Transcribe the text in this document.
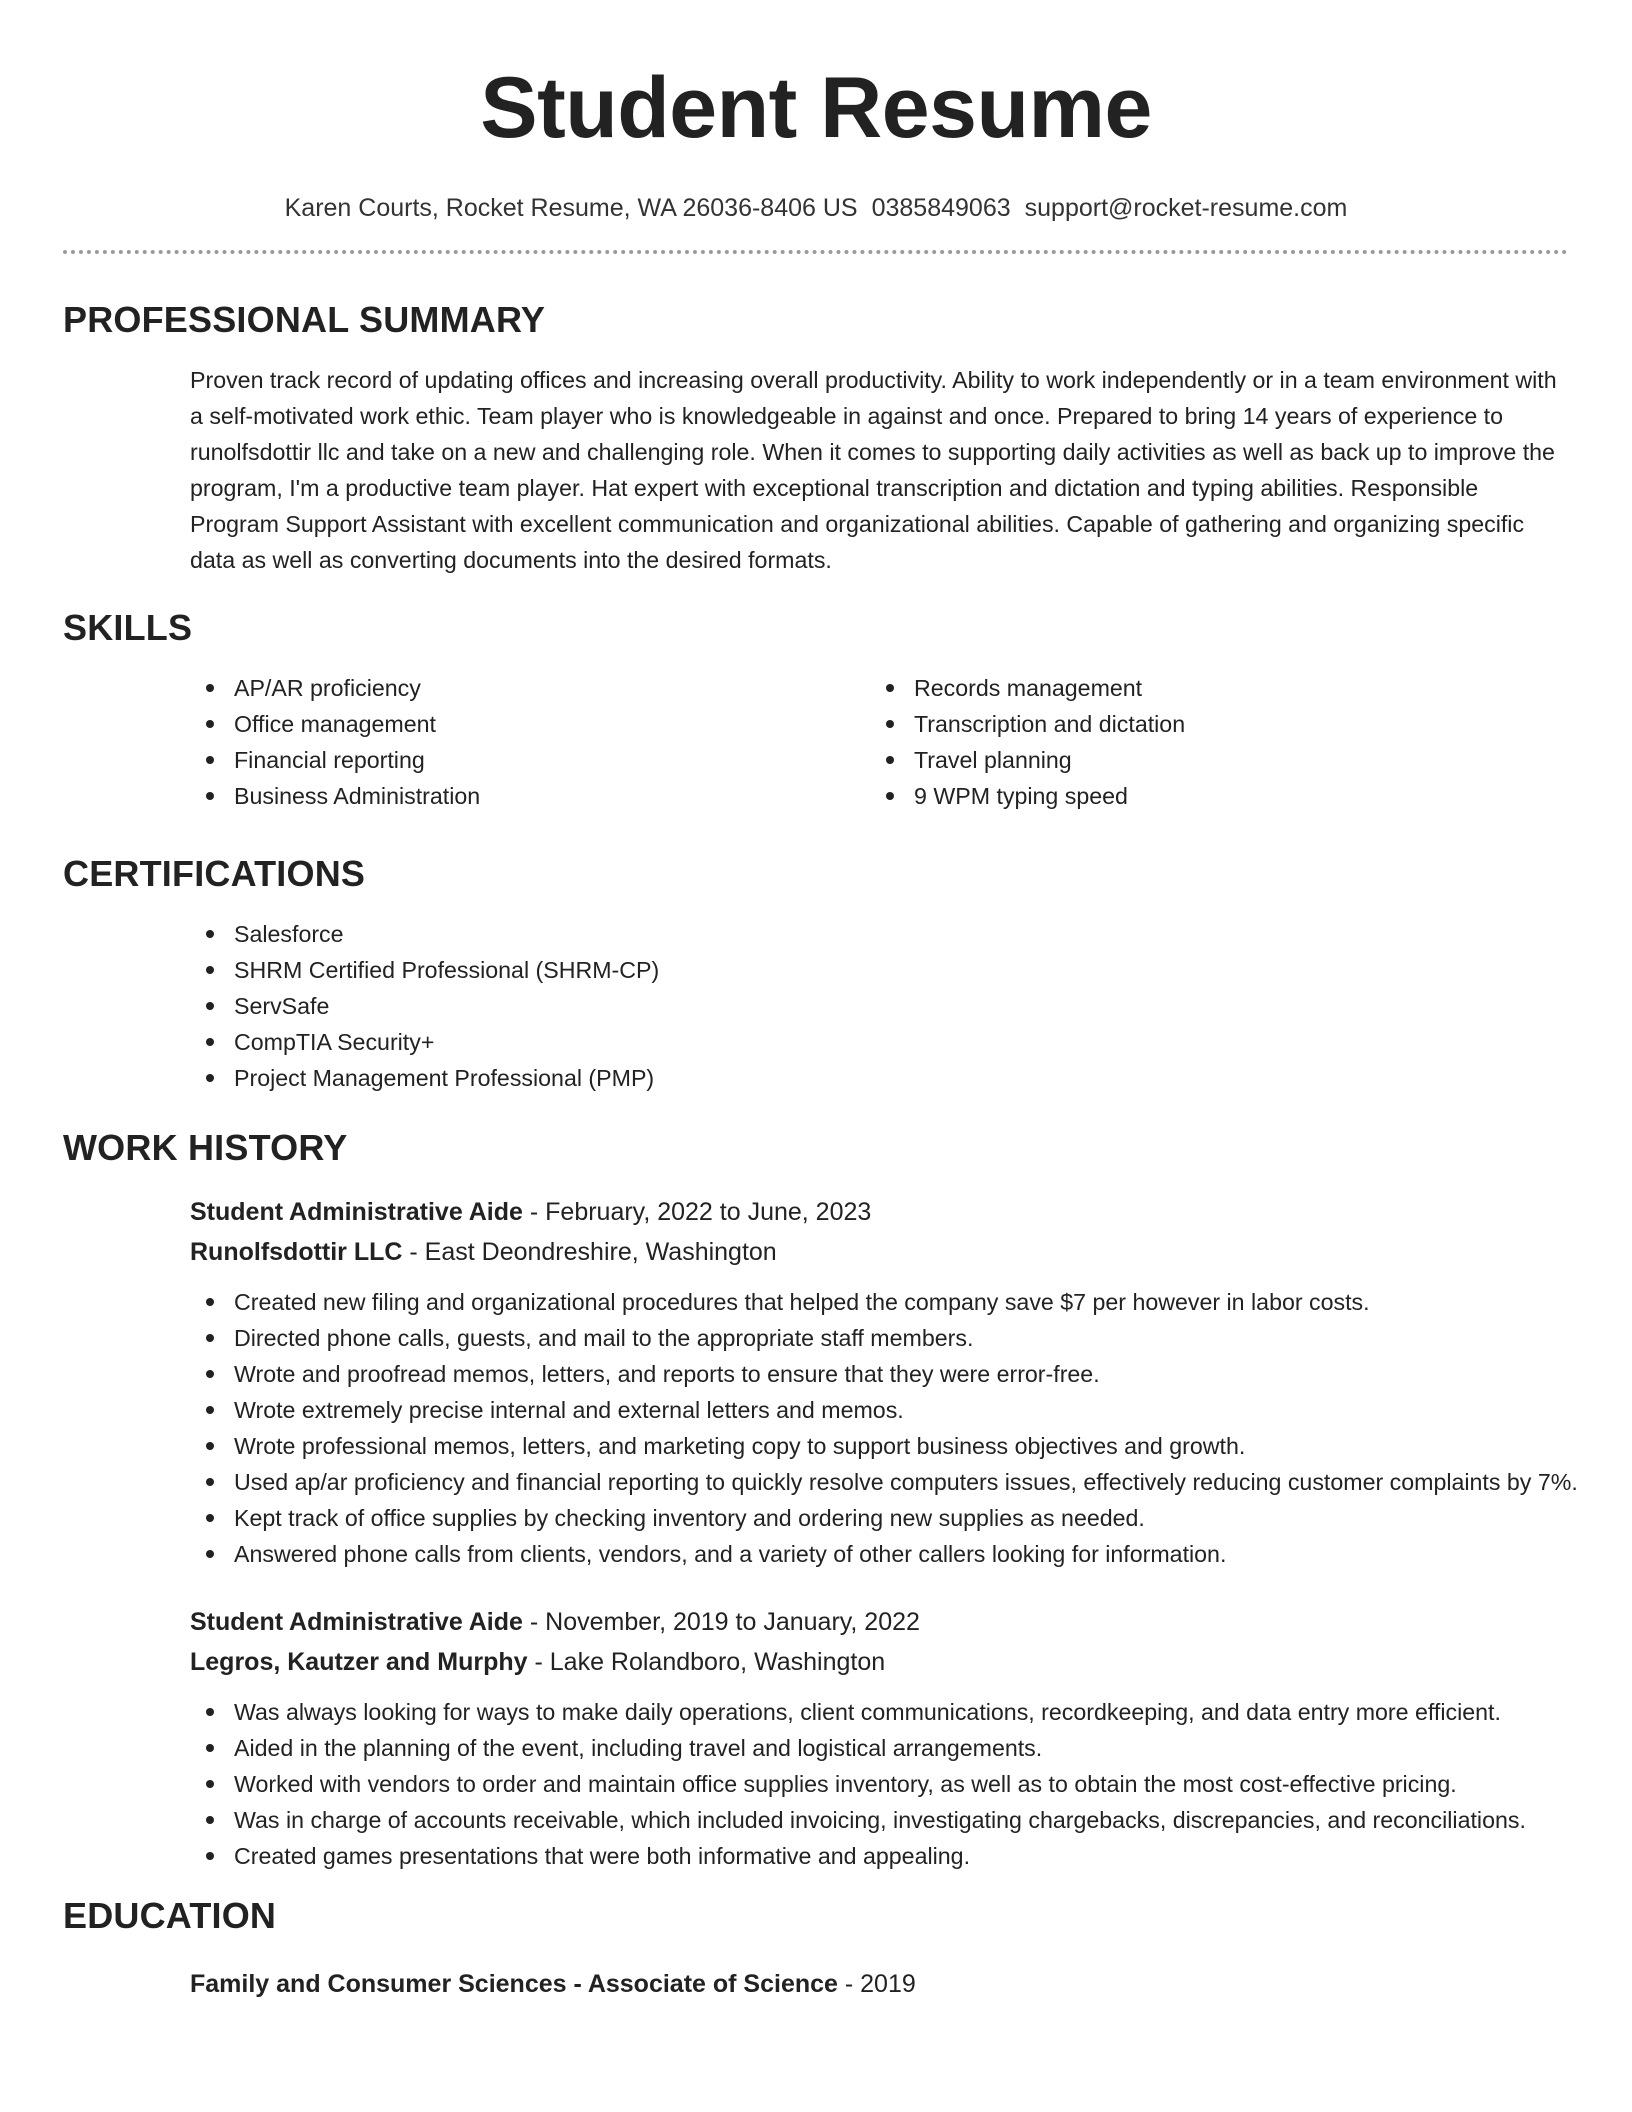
Student Resume
Karen Courts, Rocket Resume, WA 26036-8406 US 0385849063 support@rocket-resume.com
PROFESSIONAL SUMMARY

Proven track record of updating offices and increasing overall productivity. Ability to work independently or in a team environment with a self-motivated work ethic. Team player who is knowledgeable in against and once. Prepared to bring 14 years of experience to runolfsdottir llc and take on a new and challenging role. When it comes to supporting daily activities as well as back up to improve the program, I'm a productive team player. Hat expert with exceptional transcription and dictation and typing abilities. Responsible Program Support Assistant with excellent communication and organizational abilities. Capable of gathering and organizing specific data as well as converting documents into the desired formats.

SKILLS
AP/AR proficiency
Office management
Financial reporting
Business Administration
Records management
Transcription and dictation
Travel planning
9 WPM typing speed
CERTIFICATIONS
Salesforce
SHRM Certified Professional (SHRM-CP)
ServSafe
CompTIA Security+
Project Management Professional (PMP)
WORK HISTORY
Student Administrative Aide - February, 2022 to June, 2023
Runolfsdottir LLC - East Deondreshire, Washington
Created new filing and organizational procedures that helped the company save $7 per however in labor costs.
Directed phone calls, guests, and mail to the appropriate staff members.
Wrote and proofread memos, letters, and reports to ensure that they were error-free.
Wrote extremely precise internal and external letters and memos.
Wrote professional memos, letters, and marketing copy to support business objectives and growth.
Used ap/ar proficiency and financial reporting to quickly resolve computers issues, effectively reducing customer complaints by 7%.
Kept track of office supplies by checking inventory and ordering new supplies as needed.
Answered phone calls from clients, vendors, and a variety of other callers looking for information.
Student Administrative Aide - November, 2019 to January, 2022
Legros, Kautzer and Murphy - Lake Rolandboro, Washington
Was always looking for ways to make daily operations, client communications, recordkeeping, and data entry more efficient.
Aided in the planning of the event, including travel and logistical arrangements.
Worked with vendors to order and maintain office supplies inventory, as well as to obtain the most cost-effective pricing.
Was in charge of accounts receivable, which included invoicing, investigating chargebacks, discrepancies, and reconciliations.
Created games presentations that were both informative and appealing.
EDUCATION
Family and Consumer Sciences - Associate of Science - 2019
